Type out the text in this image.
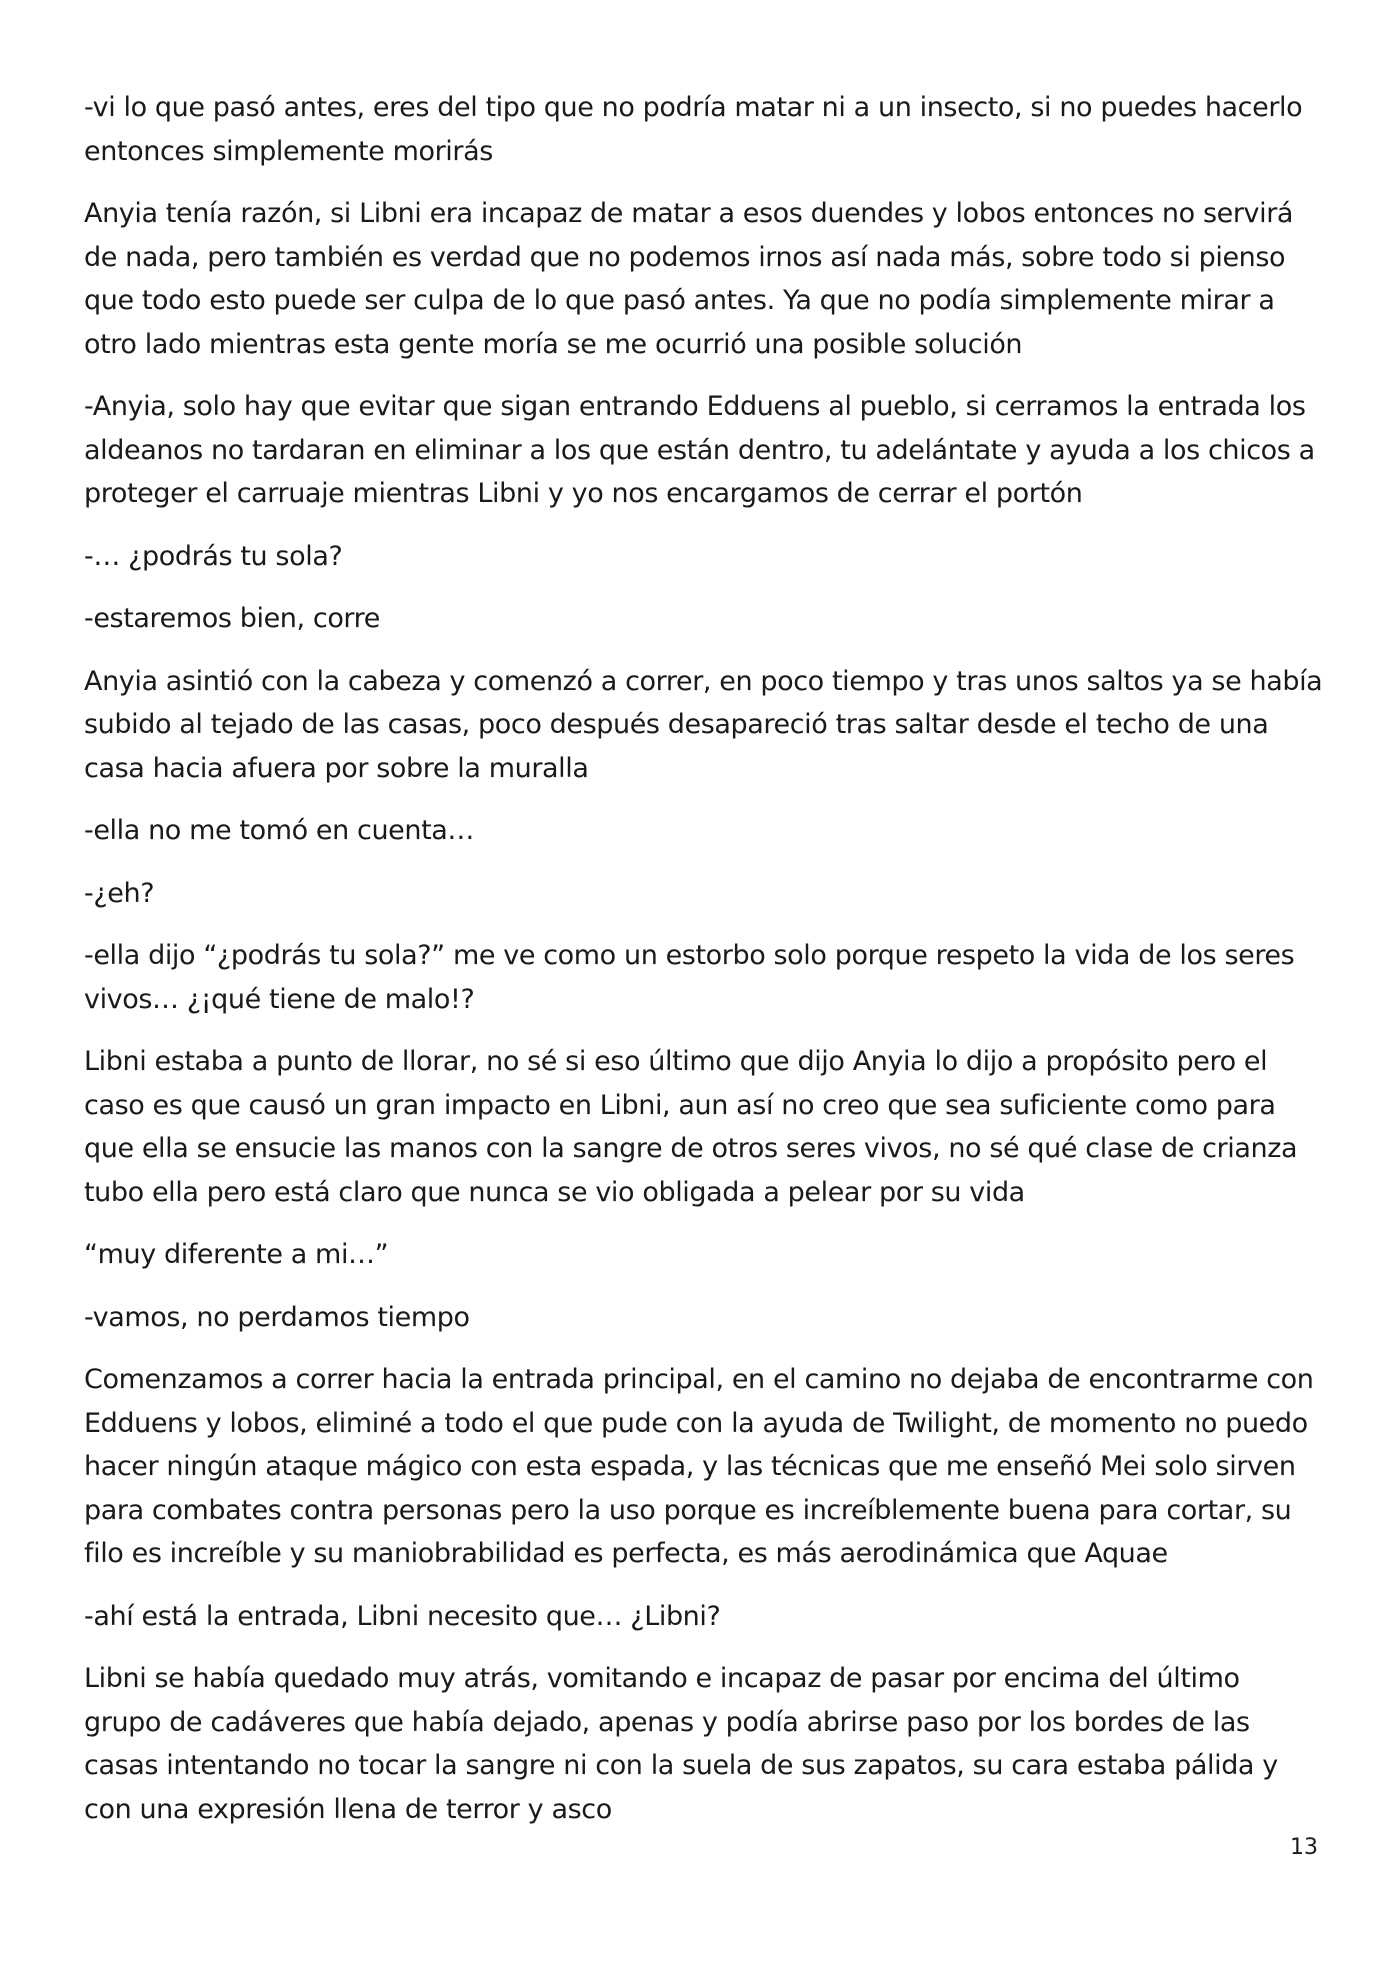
-vi lo que pasó antes, eres del tipo que no podría matar ni a un insecto, si no puedes hacerlo entonces simplemente morirás

Anyia tenía razón, si Libni era incapaz de matar a esos duendes y lobos entonces no servirá de nada, pero también es verdad que no podemos irnos así nada más, sobre todo si pienso que todo esto puede ser culpa de lo que pasó antes. Ya que no podía simplemente mirar a otro lado mientras esta gente moría se me ocurrió una posible solución

-Anyia, solo hay que evitar que sigan entrando Edduens al pueblo, si cerramos la entrada los aldeanos no tardaran en eliminar a los que están dentro, tu adelántate y ayuda a los chicos a proteger el carruaje mientras Libni y yo nos encargamos de cerrar el portón

-… ¿podrás tu sola?

-estaremos bien, corre

Anyia asintió con la cabeza y comenzó a correr, en poco tiempo y tras unos saltos ya se había subido al tejado de las casas, poco después desapareció tras saltar desde el techo de una casa hacia afuera por sobre la muralla

-ella no me tomó en cuenta…

-¿eh?

-ella dijo “¿podrás tu sola?” me ve como un estorbo solo porque respeto la vida de los seres vivos… ¿¡qué tiene de malo!?

Libni estaba a punto de llorar, no sé si eso último que dijo Anyia lo dijo a propósito pero el caso es que causó un gran impacto en Libni, aun así no creo que sea suficiente como para que ella se ensucie las manos con la sangre de otros seres vivos, no sé qué clase de crianza tubo ella pero está claro que nunca se vio obligada a pelear por su vida

“muy diferente a mi…”

-vamos, no perdamos tiempo

Comenzamos a correr hacia la entrada principal, en el camino no dejaba de encontrarme con Edduens y lobos, eliminé a todo el que pude con la ayuda de Twilight, de momento no puedo hacer ningún ataque mágico con esta espada, y las técnicas que me enseñó Mei solo sirven para combates contra personas pero la uso porque es increíblemente buena para cortar, su filo es increíble y su maniobrabilidad es perfecta, es más aerodinámica que Aquae

-ahí está la entrada, Libni necesito que… ¿Libni?

Libni se había quedado muy atrás, vomitando e incapaz de pasar por encima del último grupo de cadáveres que había dejado, apenas y podía abrirse paso por los bordes de las casas intentando no tocar la sangre ni con la suela de sus zapatos, su cara estaba pálida y con una expresión llena de terror y asco

13
